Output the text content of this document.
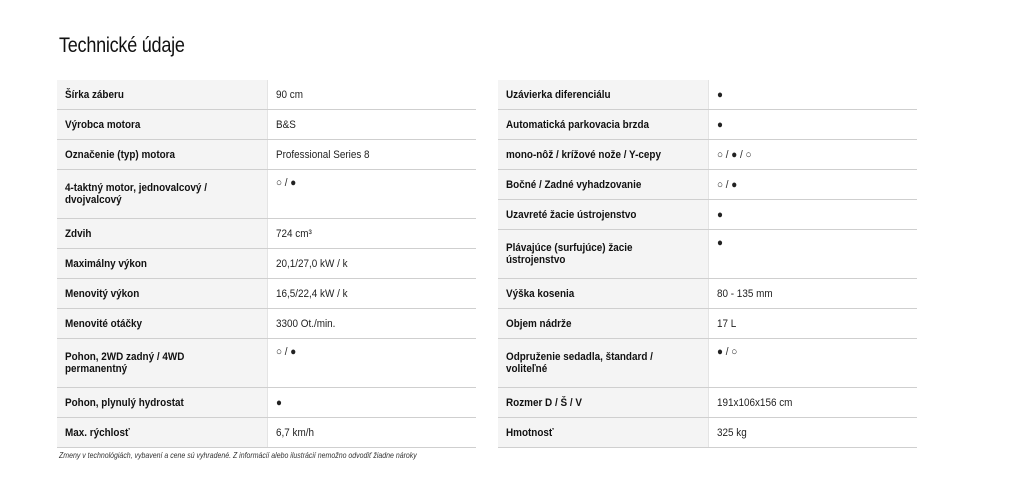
Technické údaje
Šírka záberu	90 cm
Výrobca motora	B&S
Označenie (typ) motora	Professional Series 8
4-taktný motor, jednovalcový / dvojvalcový	○ / ●
Zdvih	724 cm³
Maximálny výkon	20,1/27,0 kW / k
Menovitý výkon	16,5/22,4 kW / k
Menovité otáčky	3300 Ot./min.
Pohon, 2WD zadný / 4WD permanentný	○ / ●
Pohon, plynulý hydrostat	●
Max. rýchlosť	6,7 km/h
Uzávierka diferenciálu	●
Automatická parkovacia brzda	●
mono-nôž / krížové nože / Y-cepy	○ / ● / ○
Bočné / Zadné vyhadzovanie	○ / ●
Uzavreté žacie ústrojenstvo	●
Plávajúce (surfujúce) žacie ústrojenstvo	●
Výška kosenia	80 - 135 mm
Objem nádrže	17 L
Odpruženie sedadla, štandard / voliteľné	● / ○
Rozmer D / Š / V	191x106x156 cm
Hmotnosť	325 kg
Zmeny v technológiách, vybavení a cene sú vyhradené. Z informácií alebo ilustrácií nemožno odvodiť žiadne nároky
